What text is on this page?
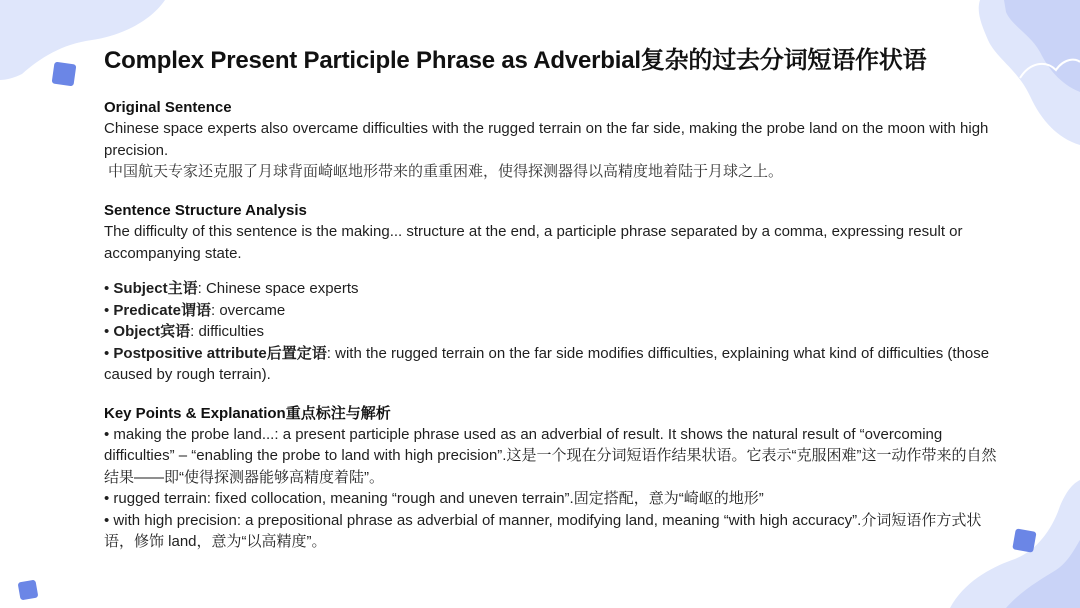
Complex Present Participle Phrase as Adverbial复杂的过去分词短语作状语
Original Sentence

Chinese space experts also overcame difficulties with the rugged terrain on the far side, making the probe land on the moon with high precision.

中国航天专家还克服了月球背面崎岖地形带来的重重困难，使得探测器得以高精度地着陆于月球之上。
Sentence Structure Analysis

The difficulty of this sentence is the making... structure at the end, a participle phrase separated by a comma, expressing result or accompanying state.

• Subject主语: Chinese space experts

• Predicate谓语: overcame

• Object宾语: difficulties

• Postpositive attribute后置定语: with the rugged terrain on the far side modifies difficulties, explaining what kind of difficulties (those caused by rough terrain).

Key Points & Explanation重点标注与解析

• making the probe land...: a present participle phrase used as an adverbial of result. It shows the natural result of “overcoming difficulties” – “enabling the probe to land with high precision”.这是一个现在分词短语作结果状语。它表示“克服困难”这一动作带来的自然结果——即“使得探测器能够高精度着陆”。

• rugged terrain: fixed collocation, meaning “rough and uneven terrain”.固定搭配，意为“崎岖的地形”

• with high precision: a prepositional phrase as adverbial of manner, modifying land, meaning “with high accuracy”.介词短语作方式状语，修饰 land，意为“以高精度”。
